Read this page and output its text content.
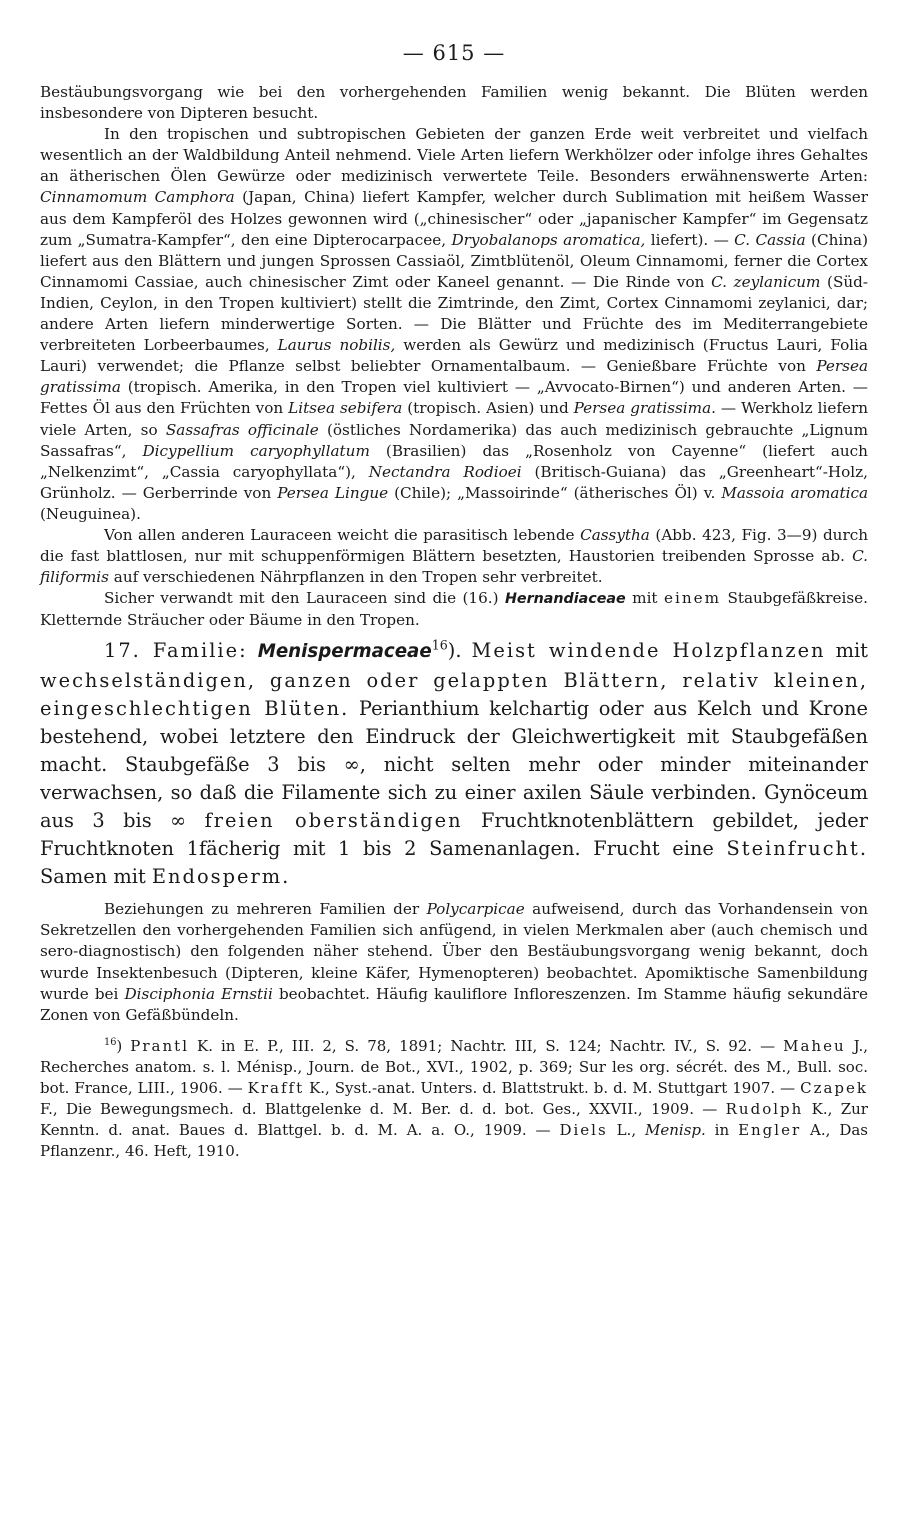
— 615 —

Bestäubungsvorgang wie bei den vorhergehenden Familien wenig bekannt. Die Blüten werden insbesondere von Dipteren besucht.

In den tropischen und subtropischen Gebieten der ganzen Erde weit verbreitet und vielfach wesentlich an der Waldbildung Anteil nehmend. Viele Arten liefern Werkhölzer oder infolge ihres Gehaltes an ätherischen Ölen Gewürze oder medizinisch verwertete Teile. Besonders erwähnenswerte Arten: Cinnamomum Camphora (Japan, China) liefert Kampfer, welcher durch Sublimation mit heißem Wasser aus dem Kampferöl des Holzes gewonnen wird („chinesischer“ oder „japanischer Kampfer“ im Gegensatz zum „Sumatra-Kampfer“, den eine Dipterocarpacee, Dryobalanops aromatica, liefert). — C. Cassia (China) liefert aus den Blättern und jungen Sprossen Cassiaöl, Zimtblütenöl, Oleum Cinnamomi, ferner die Cortex Cinnamomi Cassiae, auch chinesischer Zimt oder Kaneel genannt. — Die Rinde von C. zeylanicum (Süd-Indien, Ceylon, in den Tropen kultiviert) stellt die Zimtrinde, den Zimt, Cortex Cinnamomi zeylanici, dar; andere Arten liefern minderwertige Sorten. — Die Blätter und Früchte des im Mediterrangebiete verbreiteten Lorbeerbaumes, Laurus nobilis, werden als Gewürz und medizinisch (Fructus Lauri, Folia Lauri) verwendet; die Pflanze selbst beliebter Ornamentalbaum. — Genießbare Früchte von Persea gratissima (tropisch. Amerika, in den Tropen viel kultiviert — „Avvocato-Birnen“) und anderen Arten. — Fettes Öl aus den Früchten von Litsea sebifera (tropisch. Asien) und Persea gratissima. — Werkholz liefern viele Arten, so Sassafras officinale (östliches Nordamerika) das auch medizinisch gebrauchte „Lignum Sassafras“, Dicypellium caryophyllatum (Brasilien) das „Rosenholz von Cayenne“ (liefert auch „Nelkenzimt“, „Cassia caryophyllata“), Nectandra Rodioei (Britisch-Guiana) das „Greenheart“-Holz, Grünholz. — Gerberrinde von Persea Lingue (Chile); „Massoirinde“ (ätherisches Öl) v. Massoia aromatica (Neuguinea).

Von allen anderen Lauraceen weicht die parasitisch lebende Cassytha (Abb. 423, Fig. 3—9) durch die fast blattlosen, nur mit schuppenförmigen Blättern besetzten, Haustorien treibenden Sprosse ab. C. filiformis auf verschiedenen Nährpflanzen in den Tropen sehr verbreitet.

Sicher verwandt mit den Lauraceen sind die (16.) Hernandiaceae mit einem Staubgefäßkreise. Kletternde Sträucher oder Bäume in den Tropen.

17. Familie: Menispermaceae$^{16}$). Meist windende Holzpflanzen mit wechselständigen, ganzen oder gelappten Blättern, relativ kleinen, eingeschlechtigen Blüten. Perianthium kelchartig oder aus Kelch und Krone bestehend, wobei letztere den Eindruck der Gleichwertigkeit mit Staubgefäßen macht. Staubgefäße 3 bis ∞, nicht selten mehr oder minder miteinander verwachsen, so daß die Filamente sich zu einer axilen Säule verbinden. Gynöceum aus 3 bis ∞ freien oberständigen Fruchtknotenblättern gebildet, jeder Fruchtknoten 1fächerig mit 1 bis 2 Samenanlagen. Frucht eine Steinfrucht. Samen mit Endosperm.

Beziehungen zu mehreren Familien der Polycarpicae aufweisend, durch das Vorhandensein von Sekretzellen den vorhergehenden Familien sich anfügend, in vielen Merkmalen aber (auch chemisch und sero-diagnostisch) den folgenden näher stehend. Über den Bestäubungsvorgang wenig bekannt, doch wurde Insektenbesuch (Dipteren, kleine Käfer, Hymenopteren) beobachtet. Apomiktische Samenbildung wurde bei Disciphonia Ernstii beobachtet. Häufig kauliflore Infloreszenzen. Im Stamme häufig sekundäre Zonen von Gefäßbündeln.

$^{16}$) Prantl K. in E. P., III. 2, S. 78, 1891; Nachtr. III, S. 124; Nachtr. IV., S. 92. — Maheu J., Recherches anatom. s. l. Ménisp., Journ. de Bot., XVI., 1902, p. 369; Sur les org. sécrét. des M., Bull. soc. bot. France, LIII., 1906. — Krafft K., Syst.-anat. Unters. d. Blattstrukt. b. d. M. Stuttgart 1907. — Czapek F., Die Bewegungsmech. d. Blattgelenke d. M. Ber. d. d. bot. Ges., XXVII., 1909. — Rudolph K., Zur Kenntn. d. anat. Baues d. Blattgel. b. d. M. A. a. O., 1909. — Diels L., Menisp. in Engler A., Das Pflanzenr., 46. Heft, 1910.
